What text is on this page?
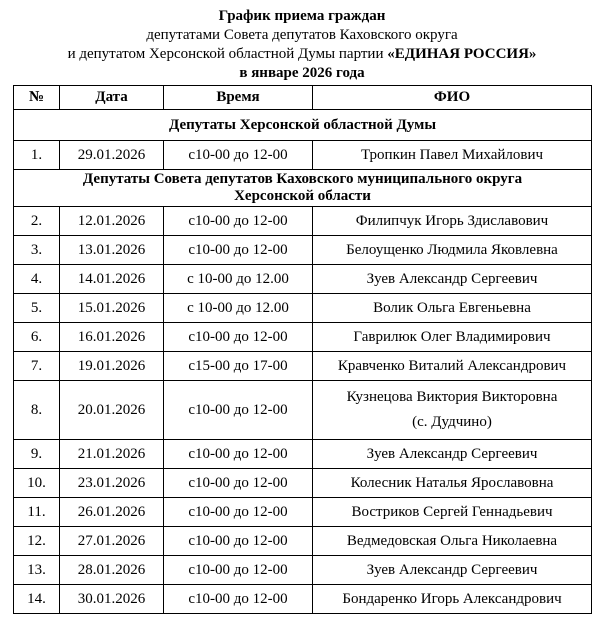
График приема граждан
депутатами Совета депутатов Каховского округа
и депутатом Херсонской областной Думы партии «ЕДИНАЯ РОССИЯ»
в январе 2026 года
№	Дата	Время	ФИО
Депутаты Херсонской областной Думы			
1.	29.01.2026	с10-00 до 12-00	Тропкин Павел Михайлович
Депутаты Совета депутатов Каховского муниципального округа
Херсонской области			
2.	12.01.2026	с10-00 до 12-00	Филипчук Игорь Здиславович
3.	13.01.2026	с10-00 до 12-00	Белоущенко Людмила Яковлевна
4.	14.01.2026	с 10-00 до 12.00	Зуев Александр Сергеевич
5.	15.01.2026	с 10-00 до 12.00	Волик Ольга Евгеньевна
6.	16.01.2026	с10-00 до 12-00	Гаврилюк Олег Владимирович
7.	19.01.2026	с15-00 до 17-00	Кравченко Виталий Александрович
8.	20.01.2026	с10-00 до 12-00	Кузнецова Виктория Викторовна
(с. Дудчино)

9.	21.01.2026	с10-00 до 12-00	Зуев Александр Сергеевич
10.	23.01.2026	с10-00 до 12-00	Колесник Наталья Ярославовна
11.	26.01.2026	с10-00 до 12-00	Востриков Сергей Геннадьевич
12.	27.01.2026	с10-00 до 12-00	Ведмедовская Ольга Николаевна
13.	28.01.2026	с10-00 до 12-00	Зуев Александр Сергеевич
14.	30.01.2026	с10-00 до 12-00	Бондаренко Игорь Александрович
